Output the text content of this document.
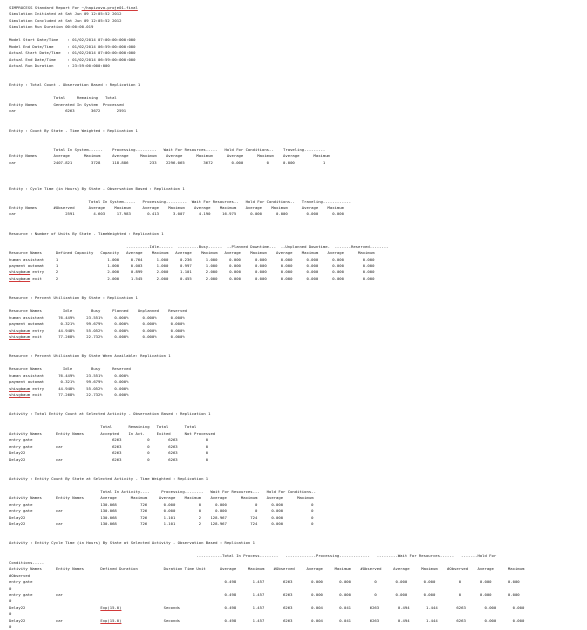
SIMPROCESS Standard Report For ~/hapizova-proje01-final
Simulation Initiated at Sat Jun 09 12:05:52 2012
Simulation Concluded at Sat Jun 09 12:05:52 2012
Simulation Run Duration 00:00:00.019
Model Start Date/Time    : 01/02/2014 07:00:00:000:000
Model End Date/Time      : 01/02/2014 06:59:00:000:000
Actual Start Date/Time   : 01/02/2014 07:00:00:000:000
Actual End Date/Time     : 01/02/2014 06:59:00:000:000
Actual Run Duration      : 23:59:00:000:000
Entity : Total Count - Observation Based : Replication 1
Total     Remaining   Total
Entity Names       Generated In System  Processed
car                     6263       3672       2591
Entity : Count By State - Time Weighted : Replication 1
Total In System------    Processing---------   Wait For Resources-----   Hold For Conditions--    Traveling---------
Entity Names       Average      Maximum     Average     Maximum    Average      Maximum      Average      Maximum    Average      Maximum
car                2407.821        3728     118.886         233    2296.065        3672        0.000          0      0.000            1
Entity : Cycle Time (in Hours) By State - Observation Based : Replication 1
Total In System-----   Processing---------  Wait For Resources--   Hold For Conditions--   Traveling------------
Entity Names       #Observed      Average    Maximum     Average    Maximum    Average    Maximum    Average    Maximum      Average    Maximum
car                     2591        4.603     17.983       0.413      3.007      4.190     16.975      0.000      0.000        0.000      0.000
Resource : Number of Units By State - TimeWeighted : Replication 1
----------Idle------  ---------Busy------  --Planned Downtime---  --Unplanned Downtime-  -------Reserved--------
Resource Names      Defined Capacity   Capacity   Average    Maximum   Average    Maximum   Average    Maximum    Average    Maximum    Average      Maximum
human assistant     1                     1.000     0.764      1.000     0.236      1.000     0.000      0.000      0.000      0.000      0.000        0.000
payment automat     1                     1.000     0.003      1.000     0.997      1.000     0.000      0.000      0.000      0.000      0.000        0.000
shisgbaum entry     2                     2.000     0.899      2.000     1.101      2.000     0.000      0.000      0.000      0.000      0.000        0.000
shisgbaum exit      2                     2.000     1.545      2.000     0.455      2.000     0.000      0.000      0.000      0.000      0.000        0.000
Resource : Percent Utilization By State : Replication 1
Resource Names         Idle        Busy     Planned    Unplanned    Reserved
human assistant      76.449%     23.551%     0.000%      0.000%      0.000%
payment automat       0.321%     99.679%     0.000%      0.000%      0.000%
shisgbaum entry      44.948%     55.052%     0.000%      0.000%      0.000%
shisgbaum exit       77.268%     22.732%     0.000%      0.000%      0.000%
Resource : Percent Utilization By State When Available: Replication 1
Resource Names         Idle        Busy     Reserved
human assistant      76.449%     23.551%     0.000%
payment automat       0.321%     99.679%     0.000%
shisgbaum entry      44.948%     55.052%     0.000%
shisgbaum exit       77.268%     22.732%     0.000%
Activity : Total Entity Count at Selected Activity - Observation Based : Replication 1
Total       Remaining   Total       Total
Activity Names      Entity Names       Accepted    In Act.     Exited      Not Processed
entry gate                                  6263           0        6263            0
entry gate          car                     6263           0        6263            0
Delay22                                     6263           0        6263            0
Delay22             car                     6263           0        6263            0
Activity : Entity Count By State at Selected Activity - Time Weighted : Replication 1
Total In Activity----     Processing--------   Wait For Resources---   Hold For Conditions--
Activity Names      Entity Names       Average      Maximum     Average    Maximum    Average      Maximum    Average      Maximum
entry gate                             130.068          726       0.000          0      0.000            0      0.000            0
entry gate          car                130.068          726       0.000          0      0.000            0      0.000            0
Delay22                                130.068          726       1.101          2    128.967          724      0.000            0
Delay22             car                130.068          726       1.101          2    128.967          724      0.000            0
Activity : Entity Cycle Time (in Hours) By State at Selected Activity - Observation Based : Replication 1
-----------Total In Process--------   -------------Processing-------------   ---------Wait For Resources------   -------Hold For
Conditions-----
Activity Names      Entity Names       Defined Duration           Duration Time Unit      Average     Maximum    #Observed     Average     Maximum    #Observed     Average     Maximum    #Observed    Average      Maximum
#Observed
entry gate                                                                                  0.498       1.457        6263        0.000       0.000          0        0.000       0.000          0        0.000       0.000
0
entry gate          car                                                                     0.498       1.457        6263        0.000       0.000          0        0.000       0.000          0        0.000       0.000
0
Delay22                                Exp(15.0)                  Seconds                   0.498       1.457        6263        0.004       0.041        6263        0.494       1.444        6263        0.000       0.000
0
Delay22             car                Exp(15.0)                  Seconds                   0.498       1.457        6263        0.004       0.041        6263        0.494       1.444        6263        0.000       0.000
0
